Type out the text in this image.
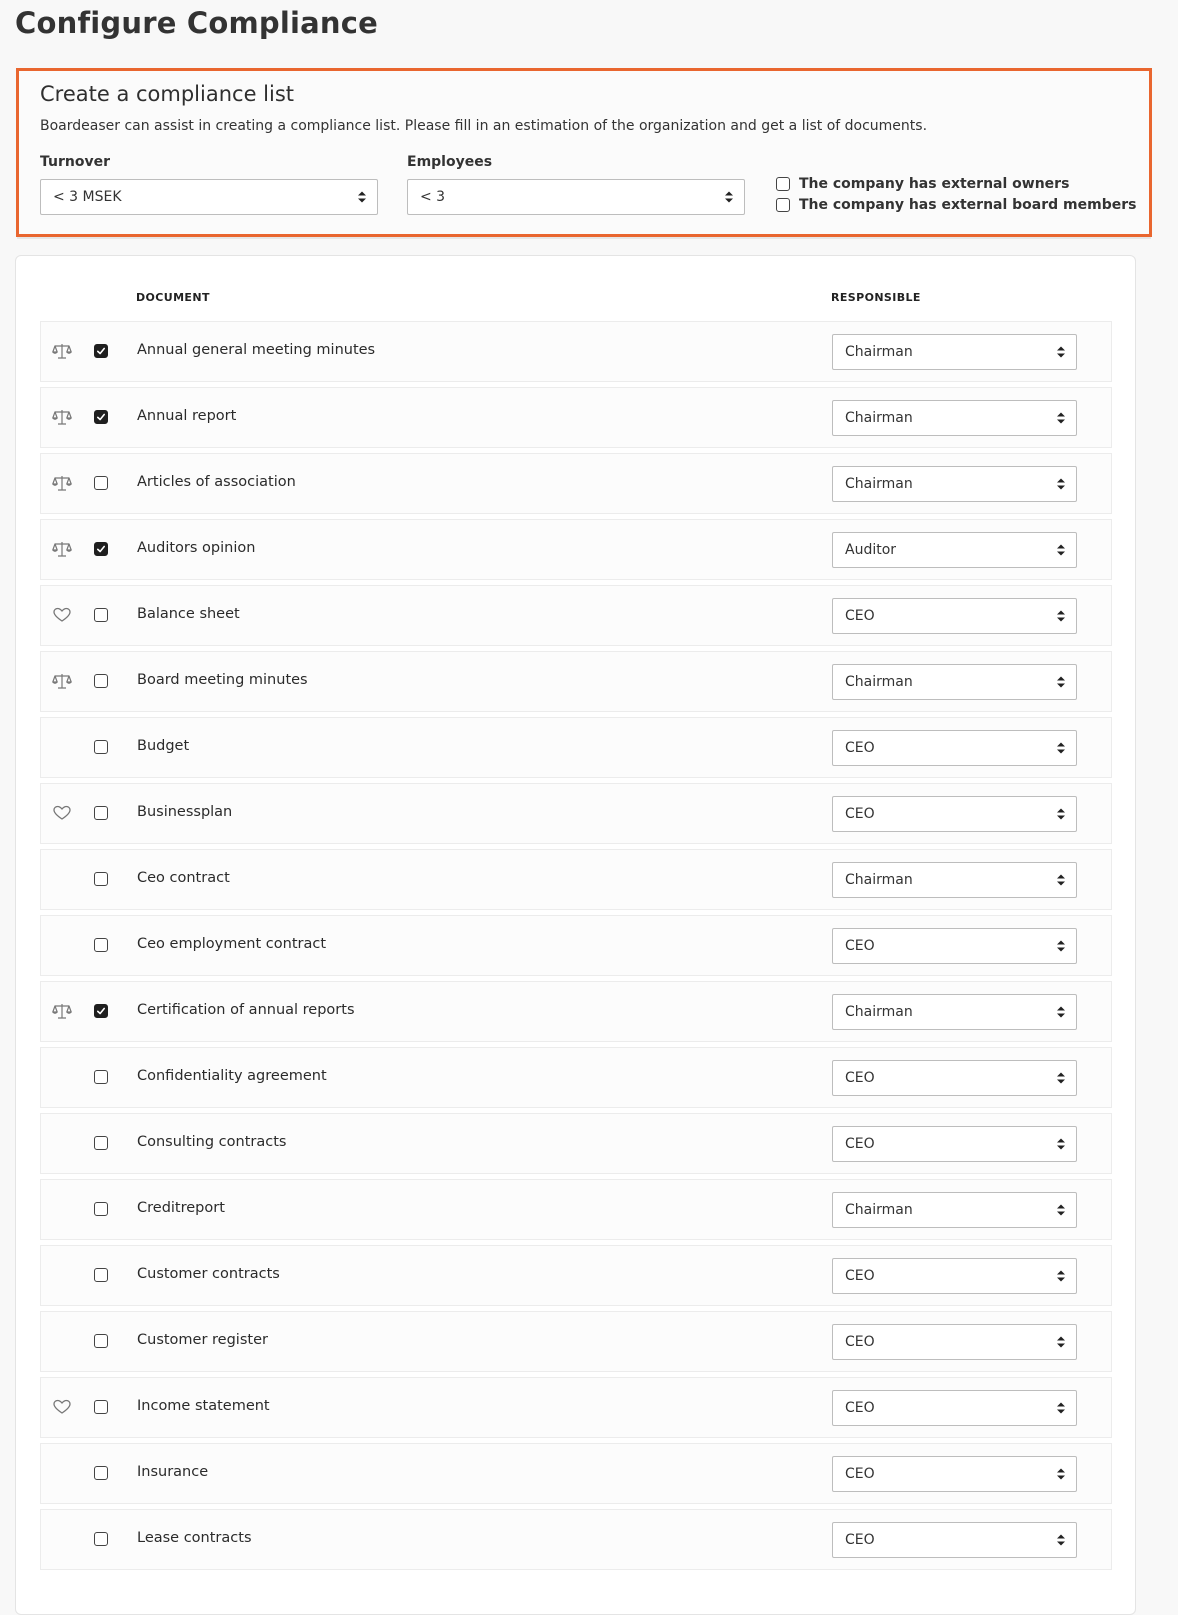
Configure Compliance
Create a compliance list

Boardeaser can assist in creating a compliance list. Please fill in an estimation of the organization and get a list of documents.

Turnover
< 3 MSEK
Employees
< 3
The company has external owners
The company has external board members
DOCUMENT	RESPONSIBLE
Annual general meeting minutes	Chairman
Annual report	Chairman
Articles of association	Chairman
Auditors opinion	Auditor
Balance sheet	CEO
Board meeting minutes	Chairman
Budget	CEO
Businessplan	CEO
Ceo contract	Chairman
Ceo employment contract	CEO
Certification of annual reports	Chairman
Confidentiality agreement	CEO
Consulting contracts	CEO
Creditreport	Chairman
Customer contracts	CEO
Customer register	CEO
Income statement	CEO
Insurance	CEO
Lease contracts	CEO
